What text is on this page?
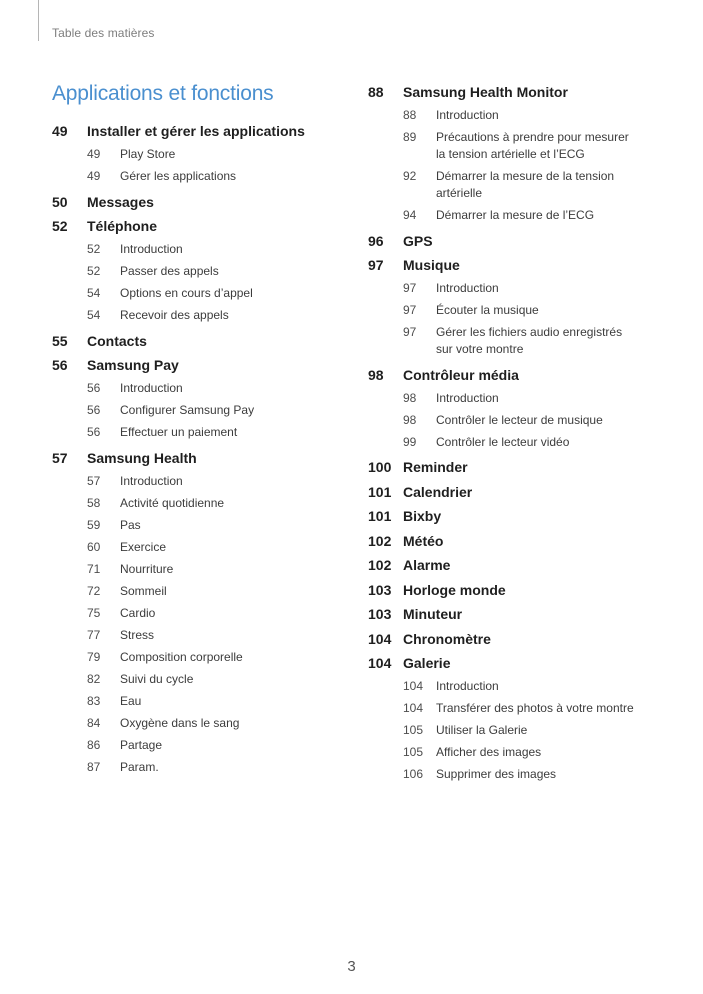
Table des matières
Applications et fonctions
49	Installer et gérer les applications
49	Play Store
49	Gérer les applications
50	Messages
52	Téléphone
52	Introduction
52	Passer des appels
54	Options en cours d’appel
54	Recevoir des appels
55	Contacts
56	Samsung Pay
56	Introduction
56	Configurer Samsung Pay
56	Effectuer un paiement
57	Samsung Health
57	Introduction
58	Activité quotidienne
59	Pas
60	Exercice
71	Nourriture
72	Sommeil
75	Cardio
77	Stress
79	Composition corporelle
82	Suivi du cycle
83	Eau
84	Oxygène dans le sang
86	Partage
87	Param.
88	Samsung Health Monitor
88	Introduction
89	Précautions à prendre pour mesurer la tension artérielle et l’ECG
92	Démarrer la mesure de la tension artérielle
94	Démarrer la mesure de l’ECG
96	GPS
97	Musique
97	Introduction
97	Écouter la musique
97	Gérer les fichiers audio enregistrés sur votre montre
98	Contrôleur média
98	Introduction
98	Contrôler le lecteur de musique
99	Contrôler le lecteur vidéo
100 Reminder
101 Calendrier
101 Bixby
102 Météo
102 Alarme
103 Horloge monde
103 Minuteur
104 Chronomètre
104 Galerie
104	Introduction
104	Transférer des photos à votre montre
105	Utiliser la Galerie
105	Afficher des images
106	Supprimer des images
3
